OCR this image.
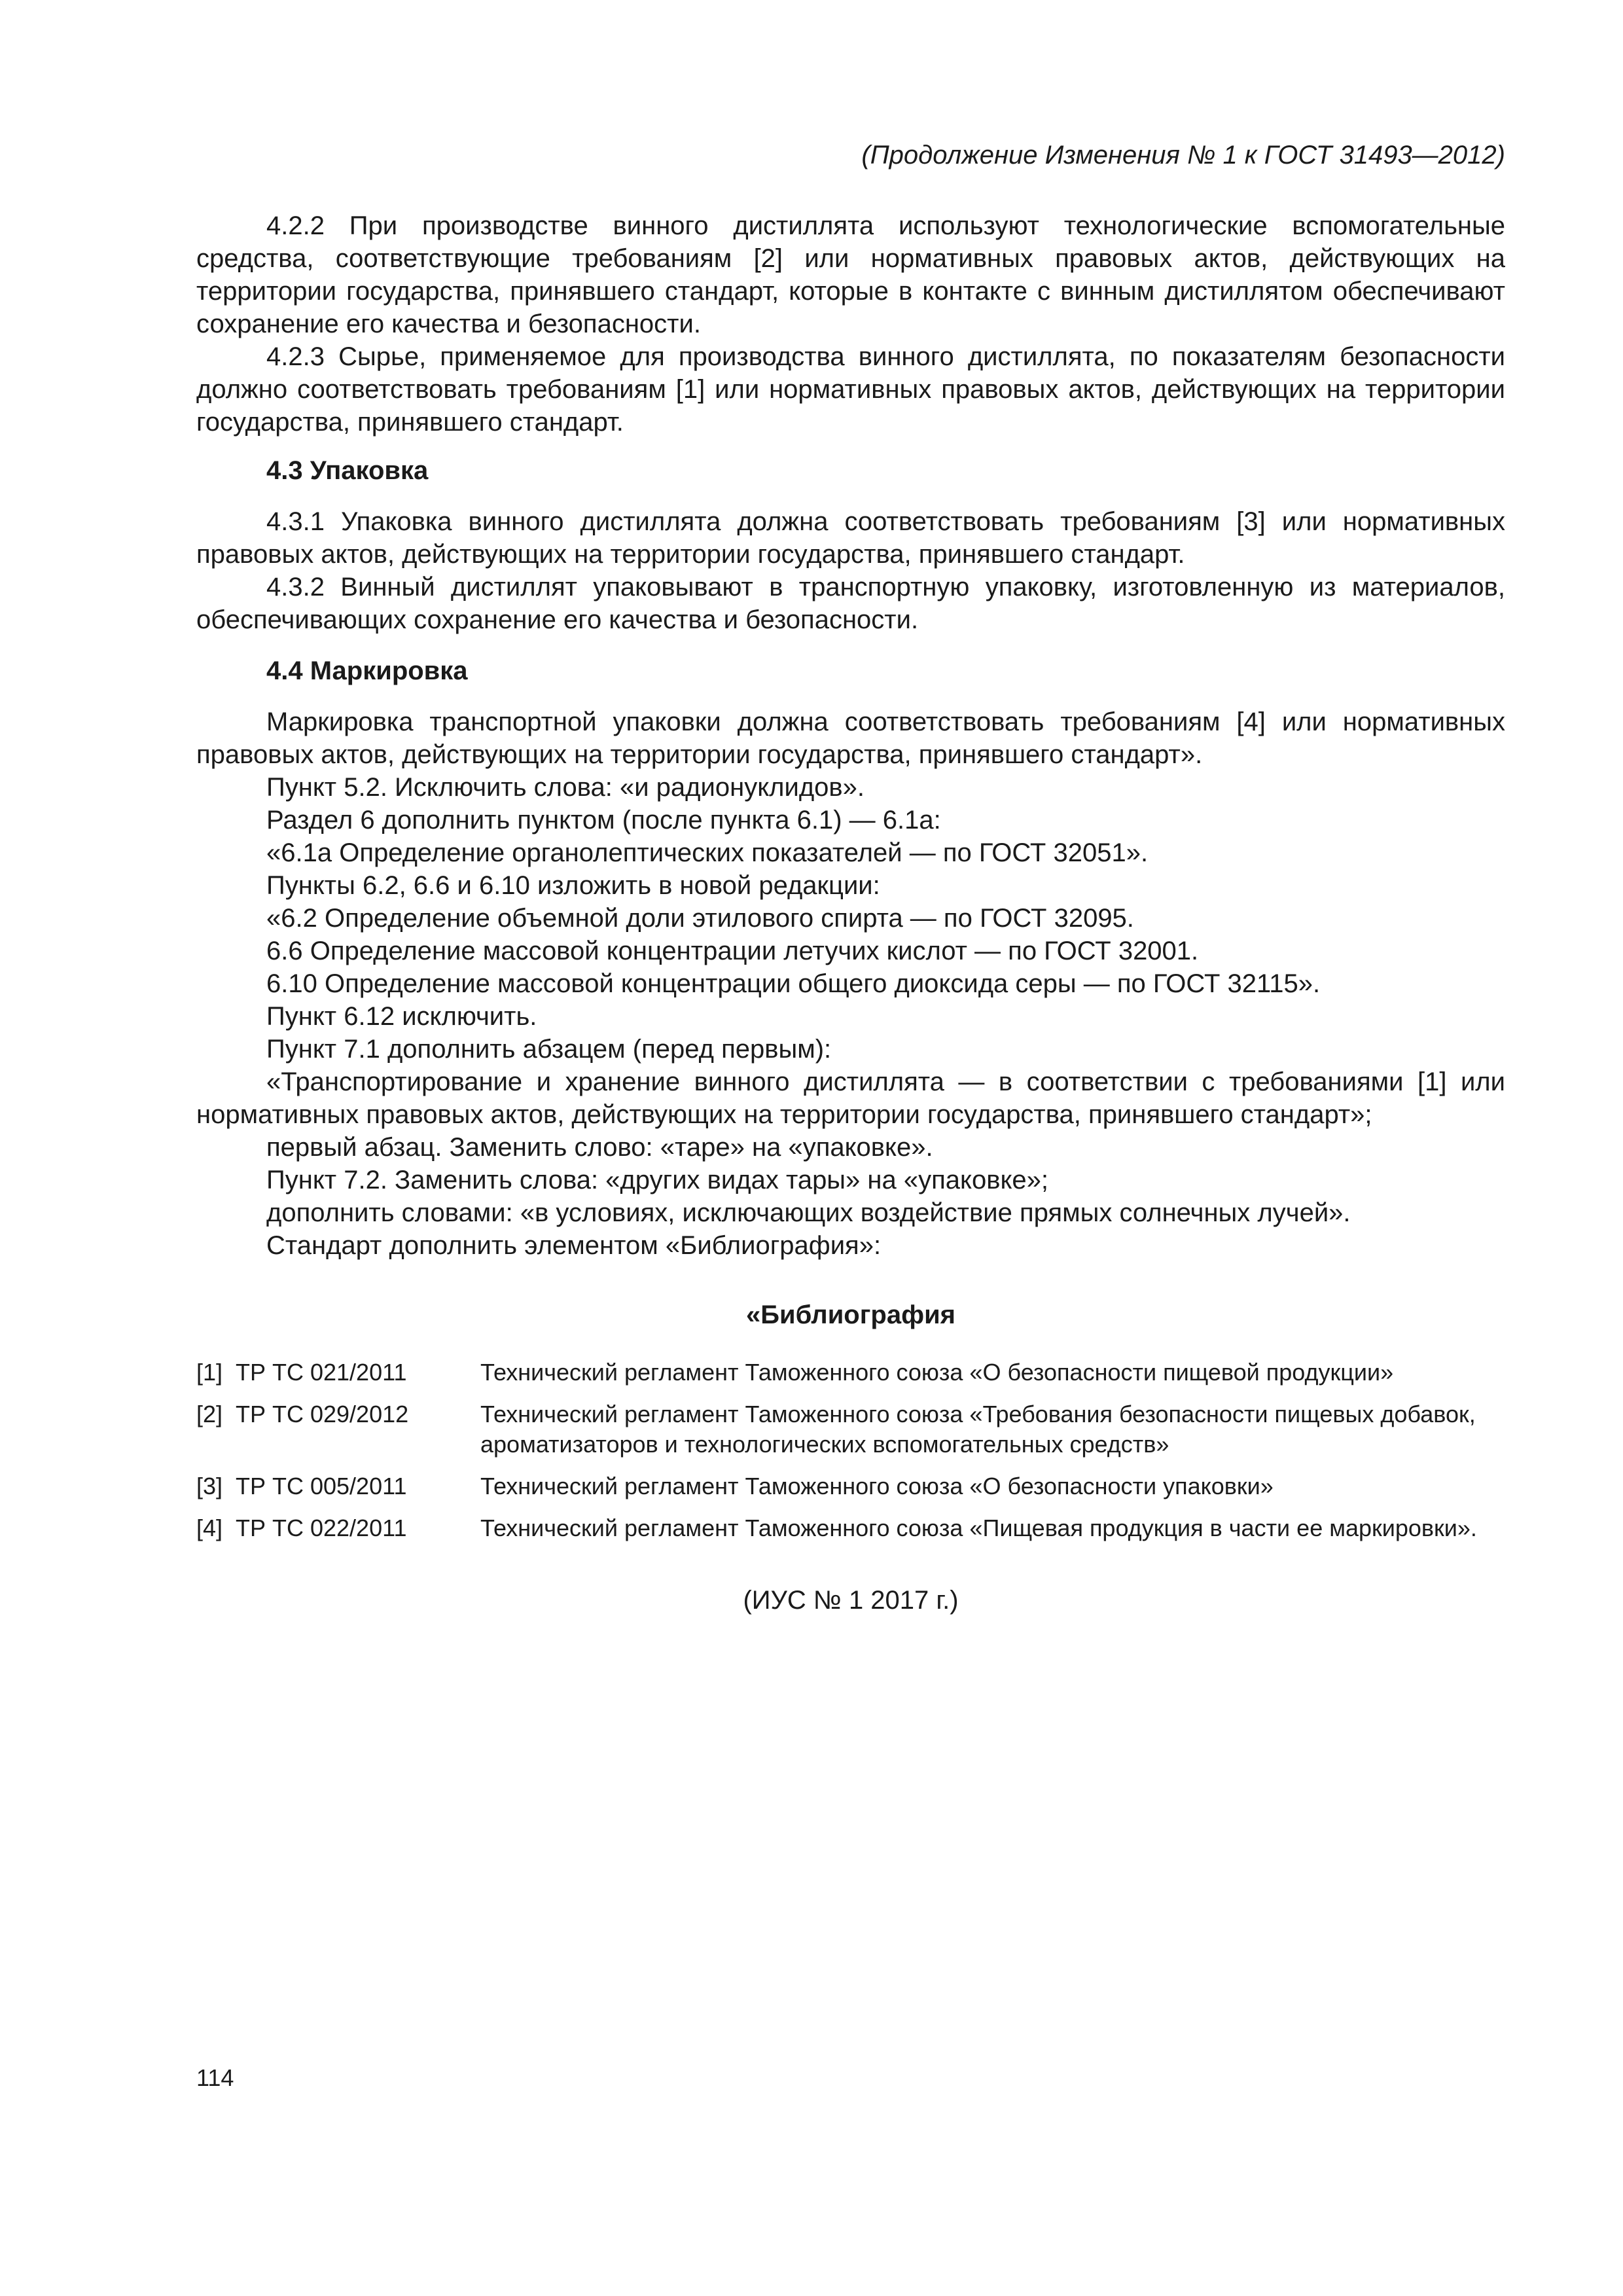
(Продолжение Изменения № 1 к ГОСТ 31493—2012)

4.2.2 При производстве винного дистиллята используют технологические вспомогательные средства, соответствующие требованиям [2] или нормативных правовых актов, действующих на территории государства, принявшего стандарт, которые в контакте с винным дистиллятом обеспечивают сохранение его качества и безопасности.

4.2.3 Сырье, применяемое для производства винного дистиллята, по показателям безопасности должно соответствовать требованиям [1] или нормативных правовых актов, действующих на территории государства, принявшего стандарт.

4.3 Упаковка

4.3.1 Упаковка винного дистиллята должна соответствовать требованиям [3] или нормативных правовых актов, действующих на территории государства, принявшего стандарт.

4.3.2 Винный дистиллят упаковывают в транспортную упаковку, изготовленную из материалов, обеспечивающих сохранение его качества и безопасности.

4.4 Маркировка

Маркировка транспортной упаковки должна соответствовать требованиям [4] или нормативных правовых актов, действующих на территории государства, принявшего стандарт».

Пункт 5.2. Исключить слова: «и радионуклидов».

Раздел 6 дополнить пунктом (после пункта 6.1) — 6.1а:

«6.1а Определение органолептических показателей — по ГОСТ 32051».

Пункты 6.2, 6.6 и 6.10 изложить в новой редакции:

«6.2 Определение объемной доли этилового спирта — по ГОСТ 32095.

6.6 Определение массовой концентрации летучих кислот — по ГОСТ 32001.

6.10 Определение массовой концентрации общего диоксида серы — по ГОСТ 32115».

Пункт 6.12 исключить.

Пункт 7.1 дополнить абзацем (перед первым):

«Транспортирование и хранение винного дистиллята — в соответствии с требованиями [1] или нормативных правовых актов, действующих на территории государства, принявшего стандарт»;

первый абзац. Заменить слово: «таре» на «упаковке».

Пункт 7.2. Заменить слова: «других видах тары» на «упаковке»;

дополнить словами: «в условиях, исключающих воздействие прямых солнечных лучей».

Стандарт дополнить элементом «Библиография»:

«Библиография
[1] ТР ТС 021/2011	Технический регламент Таможенного союза «О безопасности пищевой продукции»
[2] ТР ТС 029/2012	Технический регламент Таможенного союза «Требования безопасности пищевых добавок, ароматизаторов и технологических вспомогательных средств»
[3] ТР ТС 005/2011	Технический регламент Таможенного союза «О безопасности упаковки»
[4] ТР ТС 022/2011	Технический регламент Таможенного союза «Пищевая продукция в части ее маркировки».
(ИУС № 1 2017 г.)
114
